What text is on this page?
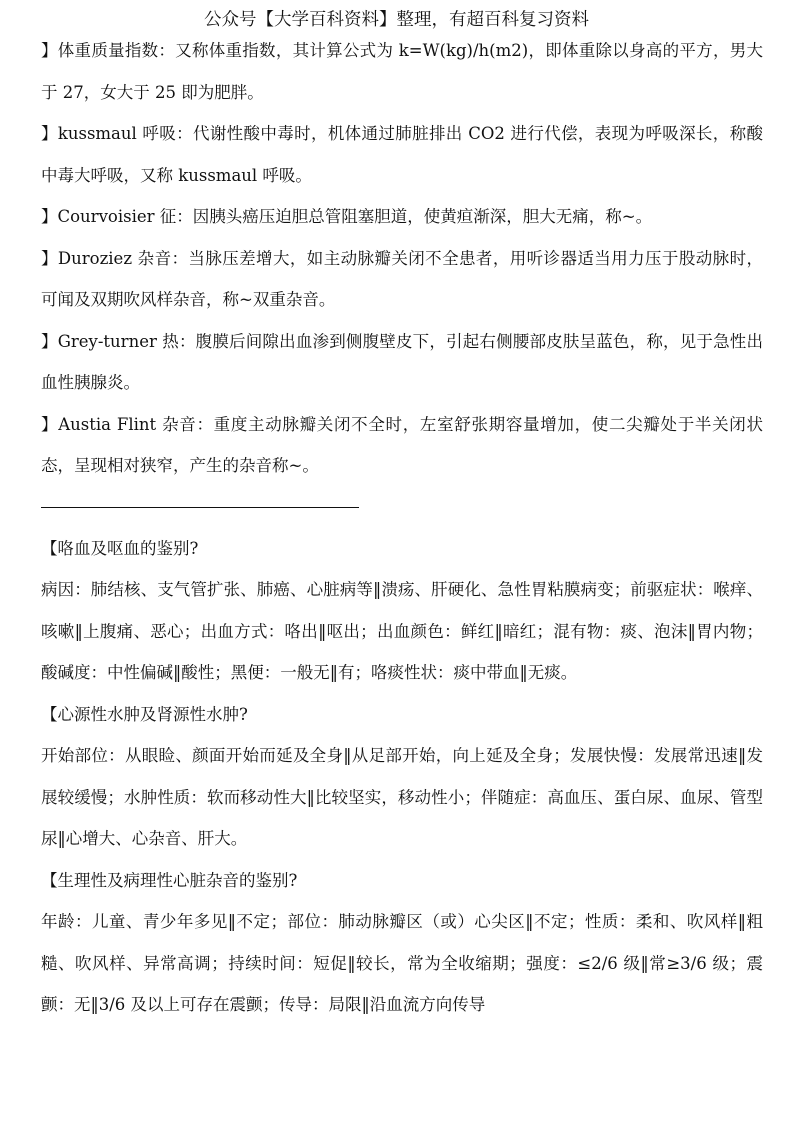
公众号【大学百科资料】整理，有超百科复习资料

】体重质量指数：又称体重指数，其计算公式为 k=W(kg)/h(m2)，即体重除以身高的平方，男大于 27，女大于 25 即为肥胖。

】kussmaul 呼吸：代谢性酸中毒时，机体通过肺脏排出 CO2 进行代偿，表现为呼吸深长，称酸中毒大呼吸，又称 kussmaul 呼吸。

】Courvoisier 征：因胰头癌压迫胆总管阻塞胆道，使黄疸渐深，胆大无痛，称~。

】Duroziez 杂音：当脉压差增大，如主动脉瓣关闭不全患者，用听诊器适当用力压于股动脉时，可闻及双期吹风样杂音，称~双重杂音。

】Grey-turner 热：腹膜后间隙出血渗到侧腹壁皮下，引起右侧腰部皮肤呈蓝色，称，见于急性出血性胰腺炎。

】Austia Flint 杂音：重度主动脉瓣关闭不全时，左室舒张期容量增加，使二尖瓣处于半关闭状态，呈现相对狭窄，产生的杂音称~。

【咯血及呕血的鉴别?

病因：肺结核、支气管扩张、肺癌、心脏病等‖溃疡、肝硬化、急性胃粘膜病变；前驱症状：喉痒、咳嗽‖上腹痛、恶心；出血方式：咯出‖呕出；出血颜色：鲜红‖暗红；混有物：痰、泡沫‖胃内物；酸碱度：中性偏碱‖酸性；黑便：一般无‖有；咯痰性状：痰中带血‖无痰。

【心源性水肿及肾源性水肿?

开始部位：从眼睑、颜面开始而延及全身‖从足部开始，向上延及全身；发展快慢：发展常迅速‖发展较缓慢；水肿性质：软而移动性大‖比较坚实，移动性小；伴随症：高血压、蛋白尿、血尿、管型尿‖心增大、心杂音、肝大。

【生理性及病理性心脏杂音的鉴别?

年龄：儿童、青少年多见‖不定；部位：肺动脉瓣区（或）心尖区‖不定；性质：柔和、吹风样‖粗糙、吹风样、异常高调；持续时间：短促‖较长，常为全收缩期；强度：≤2/6 级‖常≥3/6 级；震颤：无‖3/6 及以上可存在震颤；传导：局限‖沿血流方向传导
